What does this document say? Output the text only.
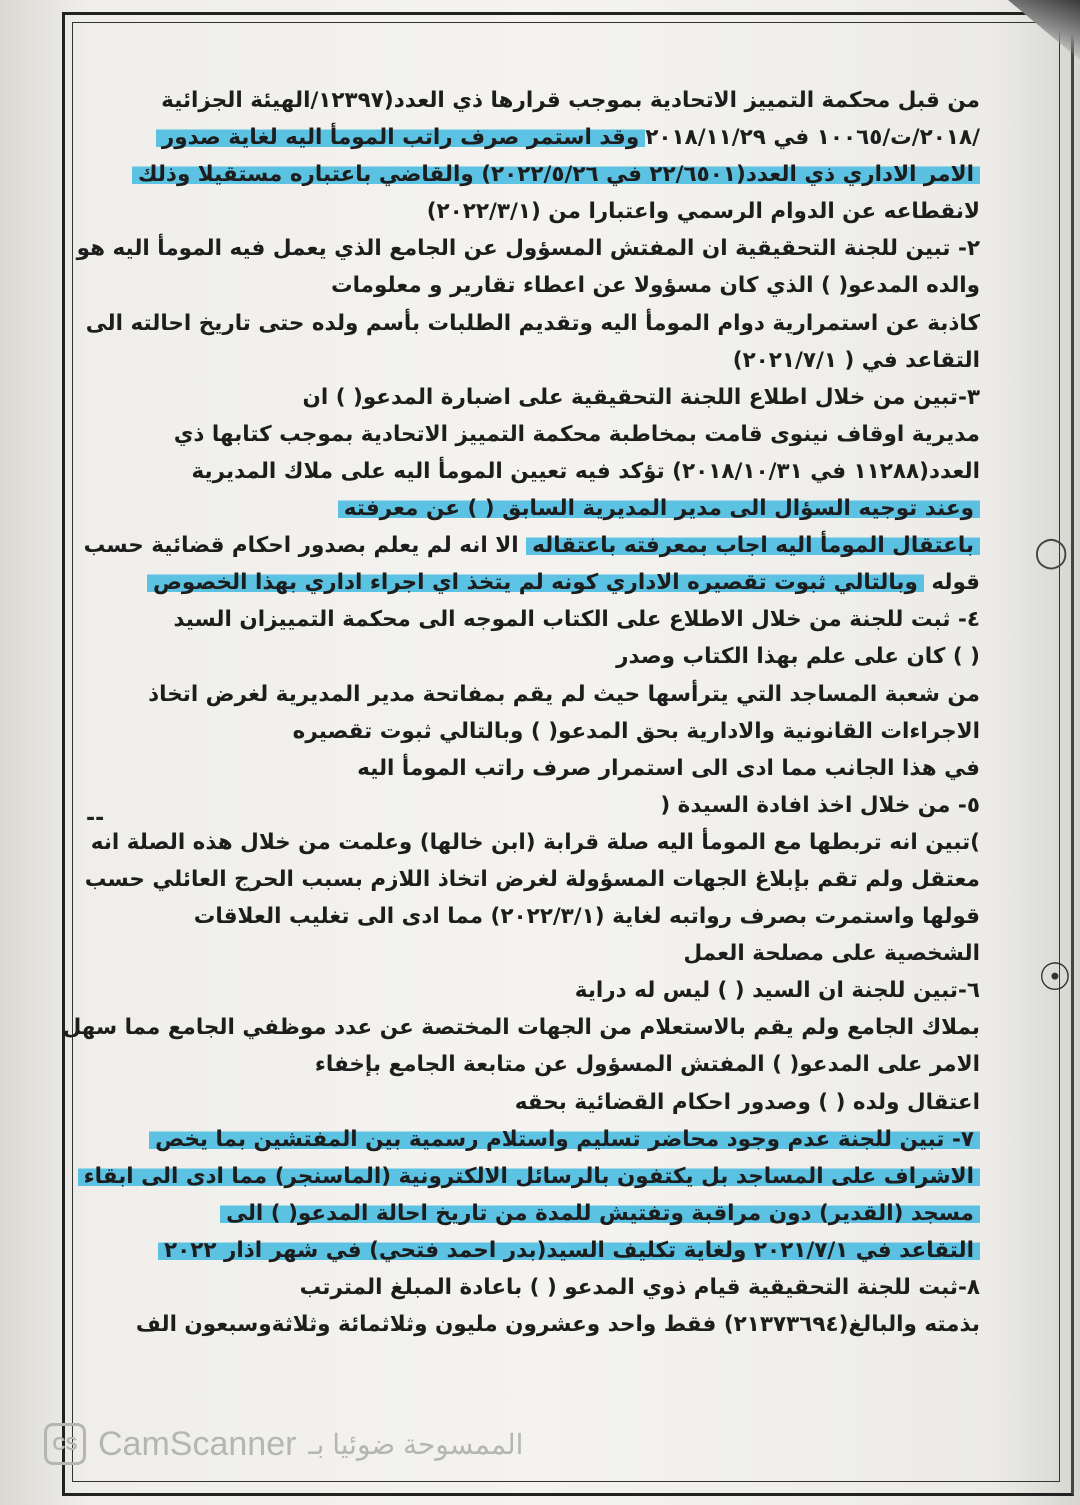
من قبل محكمة التمييز الاتحادية بموجب قرارها ذي العدد(١٢٣٩٧/الهيئة الجزائية
/٢٠١٨/ت/١٠٠٦٥ في ٢٠١٨/١١/٢٩وقد استمر صرف راتب المومأ اليه لغاية صدور
الامر الاداري ذي العدد(٢٢/٦٥٠١ في ٢٠٢٢/٥/٢٦) والقاضي باعتباره مستقيلا وذلك
لانقطاعه عن الدوام الرسمي واعتبارا من (٢٠٢٢/٣/١)
٢- تبين للجنة التحقيقية ان المفتش المسؤول عن الجامع الذي يعمل فيه المومأ اليه هو
والده المدعو( ) الذي كان مسؤولا عن اعطاء تقارير و معلومات
كاذبة عن استمرارية دوام المومأ اليه وتقديم الطلبات بأسم ولده حتى تاريخ احالته الى
التقاعد في ( ٢٠٢١/٧/١)
٣-تبين من خلال اطلاع اللجنة التحقيقية على اضبارة المدعو( ) ان
مديرية اوقاف نينوى قامت بمخاطبة محكمة التمييز الاتحادية بموجب كتابها ذي
العدد(١١٢٨٨ في ٢٠١٨/١٠/٣١) تؤكد فيه تعيين المومأ اليه على ملاك المديرية
وعند توجيه السؤال الى مدير المديرية السابق ( ) عن معرفته
باعتقال المومأ اليه اجاب بمعرفته باعتقاله الا انه لم يعلم بصدور احكام قضائية حسب
قوله وبالتالي ثبوت تقصيره الاداري كونه لم يتخذ اي اجراء اداري بهذا الخصوص
٤- ثبت للجنة من خلال الاطلاع على الكتاب الموجه الى محكمة التمييزان السيد
( ) كان على علم بهذا الكتاب وصدر
من شعبة المساجد التي يترأسها حيث لم يقم بمفاتحة مدير المديرية لغرض اتخاذ
الاجراءات القانونية والادارية بحق المدعو( ) وبالتالي ثبوت تقصيره
في هذا الجانب مما ادى الى استمرار صرف راتب المومأ اليه
٥- من خلال اخذ افادة السيدة (
)تبين انه تربطها مع المومأ اليه صلة قرابة (ابن خالها) وعلمت من خلال هذه الصلة انه
معتقل ولم تقم بإبلاغ الجهات المسؤولة لغرض اتخاذ اللازم بسبب الحرج العائلي حسب
قولها واستمرت بصرف رواتبه لغاية (٢٠٢٢/٣/١) مما ادى الى تغليب العلاقات
الشخصية على مصلحة العمل
٦-تبين للجنة ان السيد ( ) ليس له دراية
بملاك الجامع ولم يقم بالاستعلام من الجهات المختصة عن عدد موظفي الجامع مما سهل
الامر على المدعو( ) المفتش المسؤول عن متابعة الجامع بإخفاء
اعتقال ولده ( ) وصدور احكام القضائية بحقه
٧- تبين للجنة عدم وجود محاضر تسليم واستلام رسمية بين المفتشين بما يخص
الاشراف على المساجد بل يكتفون بالرسائل الالكترونية (الماسنجر) مما ادى الى ابقاء
مسجد (القدير) دون مراقبة وتفتيش للمدة من تاريخ احالة المدعو( ) الى
التقاعد في ٢٠٢١/٧/١ ولغاية تكليف السيد(بدر احمد فتحي) في شهر اذار ٢٠٢٢
٨-ثبت للجنة التحقيقية قيام ذوي المدعو ( ) باعادة المبلغ المترتب
بذمته والبالغ(٢١٣٧٣٦٩٤) فقط واحد وعشرون مليون وثلاثمائة وثلاثةوسبعون الف
◯
☉
--
CS CamScanner الممسوحة ضوئيا بـ
